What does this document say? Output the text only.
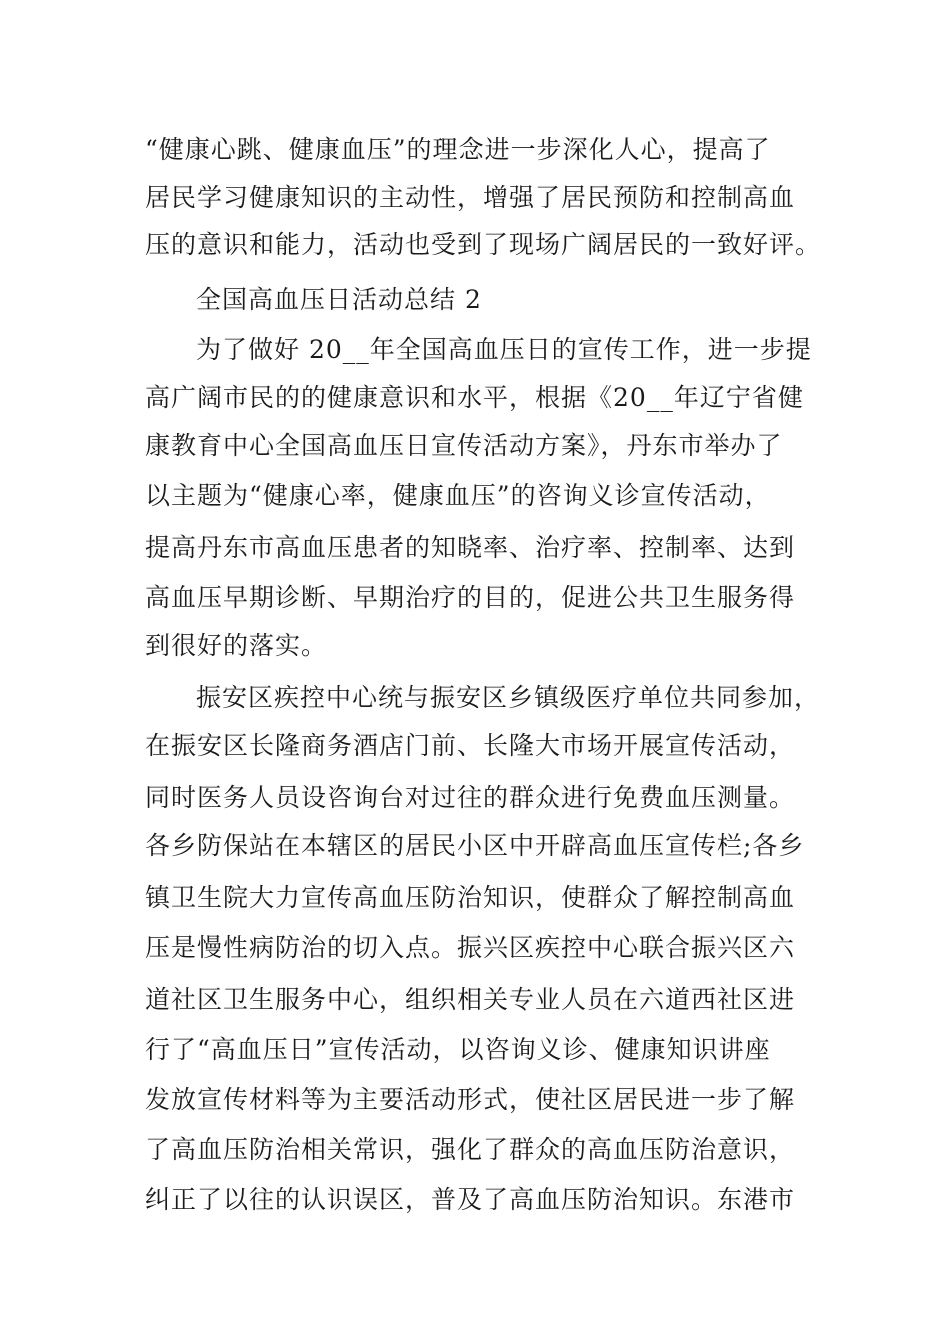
“健康心跳、健康血压”的理念进一步深化人心，提高了
居民学习健康知识的主动性，增强了居民预防和控制高血
压的意识和能力，活动也受到了现场广阔居民的一致好评。
全国高血压日活动总结 2
为了做好 20__年全国高血压日的宣传工作，进一步提
高广阔市民的的健康意识和水平，根据《20__年辽宁省健
康教育中心全国高血压日宣传活动方案》，丹东市举办了
以主题为“健康心率，健康血压”的咨询义诊宣传活动，
提高丹东市高血压患者的知晓率、治疗率、控制率、达到
高血压早期诊断、早期治疗的目的，促进公共卫生服务得
到很好的落实。
振安区疾控中心统与振安区乡镇级医疗单位共同参加，
在振安区长隆商务酒店门前、长隆大市场开展宣传活动，
同时医务人员设咨询台对过往的群众进行免费血压测量。
各乡防保站在本辖区的居民小区中开辟高血压宣传栏;各乡
镇卫生院大力宣传高血压防治知识，使群众了解控制高血
压是慢性病防治的切入点。振兴区疾控中心联合振兴区六
道社区卫生服务中心，组织相关专业人员在六道西社区进
行了“高血压日”宣传活动，以咨询义诊、健康知识讲座
发放宣传材料等为主要活动形式，使社区居民进一步了解
了高血压防治相关常识，强化了群众的高血压防治意识，
纠正了以往的认识误区，普及了高血压防治知识。东港市
